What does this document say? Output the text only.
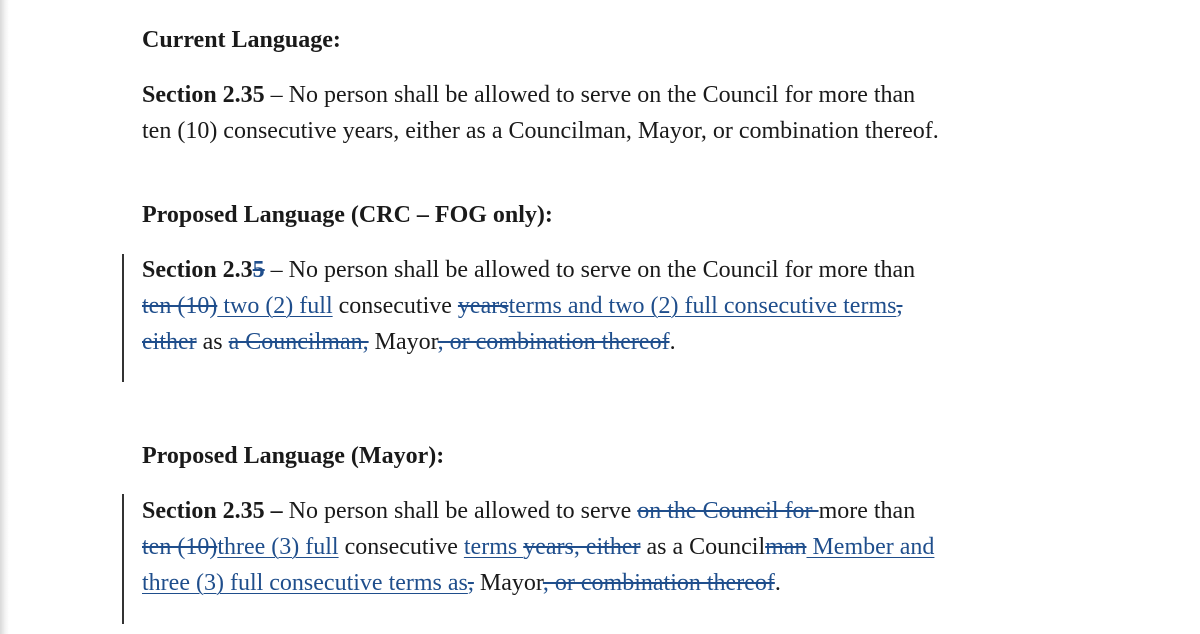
Current Language:

Section 2.35 – No person shall be allowed to serve on the Council for more than
ten (10) consecutive years, either as a Councilman, Mayor, or combination thereof.

Proposed Language (CRC – FOG only):

Section 2.35 – No person shall be allowed to serve on the Council for more than
ten (10) two (2) full consecutive yearsterms and two (2) full consecutive terms,
either as a Councilman, Mayor, or combination thereof.

Proposed Language (Mayor):

Section 2.35 – No person shall be allowed to serve on the Council for more than
ten (10)three (3) full consecutive terms years, either as a Councilman Member and
three (3) full consecutive terms as, Mayor, or combination thereof.
